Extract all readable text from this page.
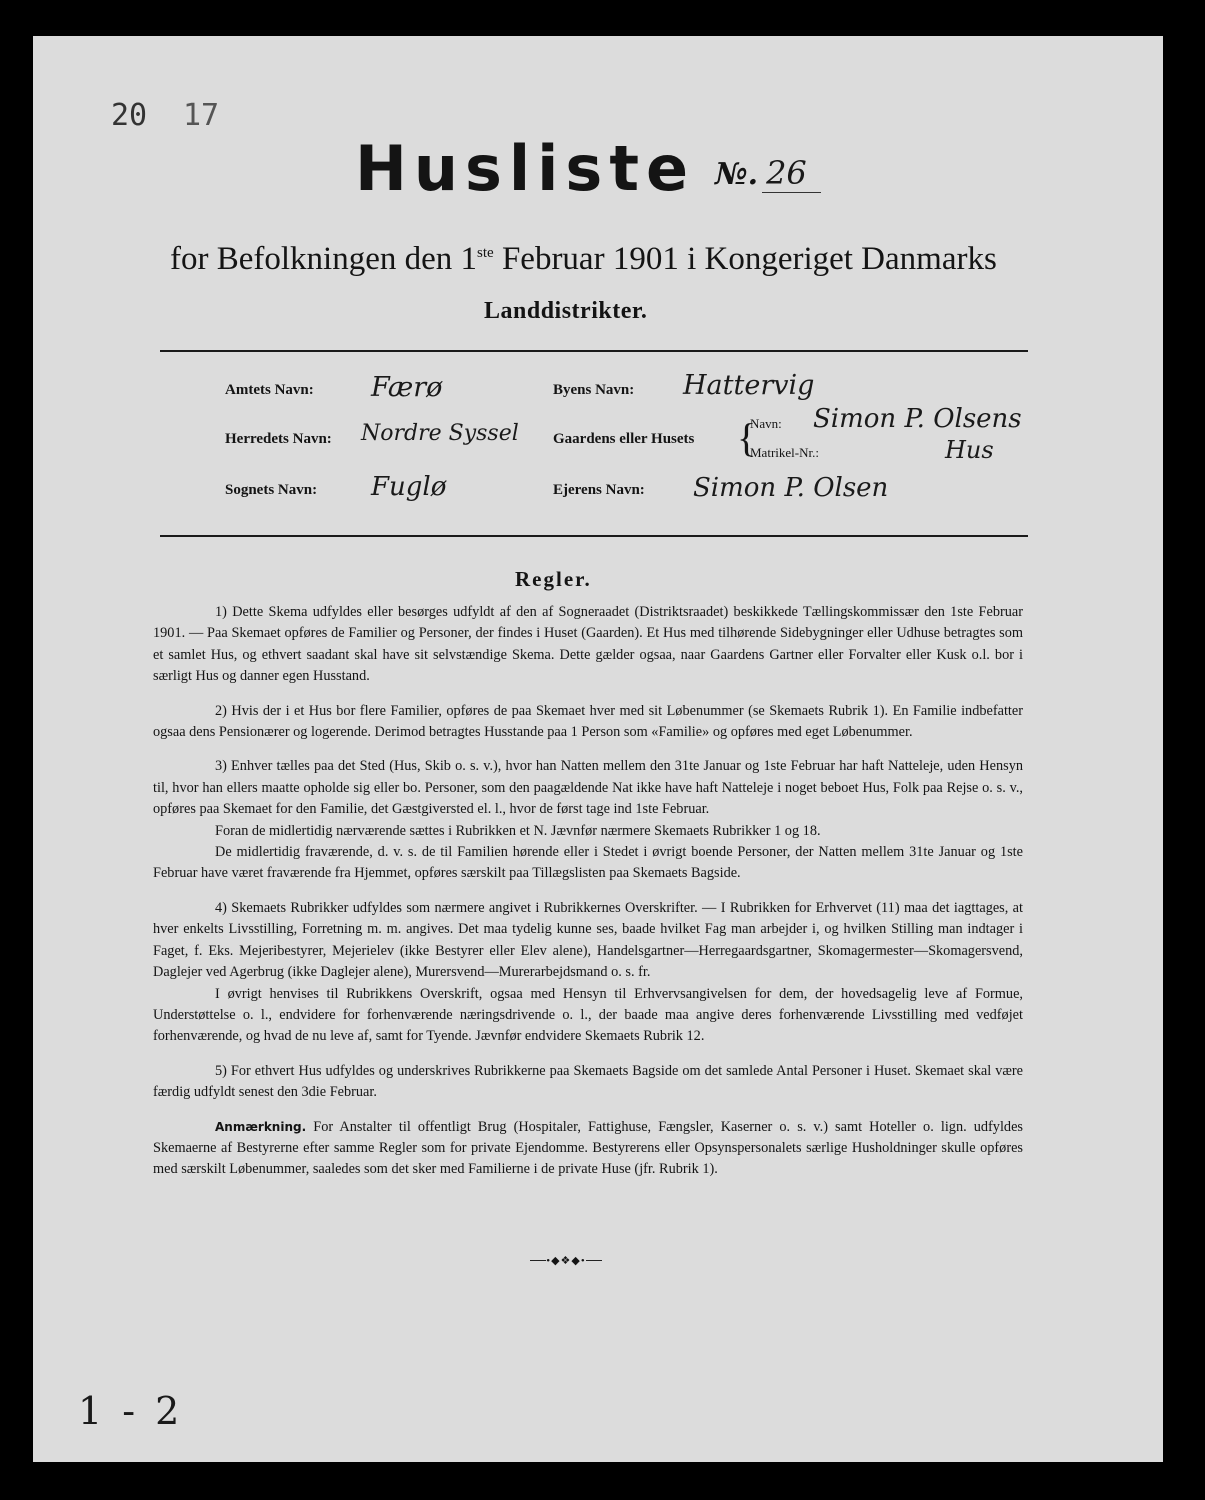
20 17
Husliste №. 26
for Befolkningen den 1ste Februar 1901 i Kongeriget Danmarks
Landdistrikter.
Amtets Navn: Færø	Byens Navn: Hattervig
Herredets Navn: Nordre Syssel Gaardens eller Husets {
Navn: Simon P. Olsens
Matrikel-Nr.:	Hus
Sognets Navn: Fuglø	Ejerens Navn: Simon P. Olsen
Regler.

1) Dette Skema udfyldes eller besørges udfyldt af den af Sogneraadet (Distriktsraadet) beskikkede Tællingskommissær den 1ste Februar 1901. — Paa Skemaet opføres de Familier og Personer, der findes i Huset (Gaarden). Et Hus med tilhørende Sidebygninger eller Udhuse betragtes som et samlet Hus, og ethvert saadant skal have sit selvstændige Skema. Dette gælder ogsaa, naar Gaardens Gartner eller Forvalter eller Kusk o.l. bor i særligt Hus og danner egen Husstand.

2) Hvis der i et Hus bor flere Familier, opføres de paa Skemaet hver med sit Løbenummer (se Skemaets Rubrik 1). En Familie indbefatter ogsaa dens Pensionærer og logerende. Derimod betragtes Husstande paa 1 Person som «Familie» og opføres med eget Løbenummer.

3) Enhver tælles paa det Sted (Hus, Skib o. s. v.), hvor han Natten mellem den 31te Januar og 1ste Februar har haft Natteleje, uden Hensyn til, hvor han ellers maatte opholde sig eller bo. Personer, som den paagældende Nat ikke have haft Natteleje i noget beboet Hus, Folk paa Rejse o. s. v., opføres paa Skemaet for den Familie, det Gæstgiversted el. l., hvor de først tage ind 1ste Februar.

Foran de midlertidig nærværende sættes i Rubrikken et N. Jævnfør nærmere Skemaets Rubrikker 1 og 18.

De midlertidig fraværende, d. v. s. de til Familien hørende eller i Stedet i øvrigt boende Personer, der Natten mellem 31te Januar og 1ste Februar have været fraværende fra Hjemmet, opføres særskilt paa Tillægslisten paa Skemaets Bagside.

4) Skemaets Rubrikker udfyldes som nærmere angivet i Rubrikkernes Overskrifter. — I Rubrikken for Erhvervet (11) maa det iagttages, at hver enkelts Livsstilling, Forretning m. m. angives. Det maa tydelig kunne ses, baade hvilket Fag man arbejder i, og hvilken Stilling man indtager i Faget, f. Eks. Mejeribestyrer, Mejerielev (ikke Bestyrer eller Elev alene), Handelsgartner—Herregaardsgartner, Skomagermester—Skomagersvend, Daglejer ved Agerbrug (ikke Daglejer alene), Murersvend—Murerarbejdsmand o. s. fr.

I øvrigt henvises til Rubrikkens Overskrift, ogsaa med Hensyn til Erhvervsangivelsen for dem, der hovedsagelig leve af Formue, Understøttelse o. l., endvidere for forhenværende næringsdrivende o. l., der baade maa angive deres forhenværende Livsstilling med vedføjet forhenværende, og hvad de nu leve af, samt for Tyende. Jævnfør endvidere Skemaets Rubrik 12.

5) For ethvert Hus udfyldes og underskrives Rubrikkerne paa Skemaets Bagside om det samlede Antal Personer i Huset. Skemaet skal være færdig udfyldt senest den 3die Februar.

Anmærkning. For Anstalter til offentligt Brug (Hospitaler, Fattighuse, Fængsler, Kaserner o. s. v.) samt Hoteller o. lign. udfyldes Skemaerne af Bestyrerne efter samme Regler som for private Ejendomme. Bestyrerens eller Opsynspersonalets særlige Husholdninger skulle opføres med særskilt Løbenummer, saaledes som det sker med Familierne i de private Huse (jfr. Rubrik 1).

•◆❖◆•
1 - 2
